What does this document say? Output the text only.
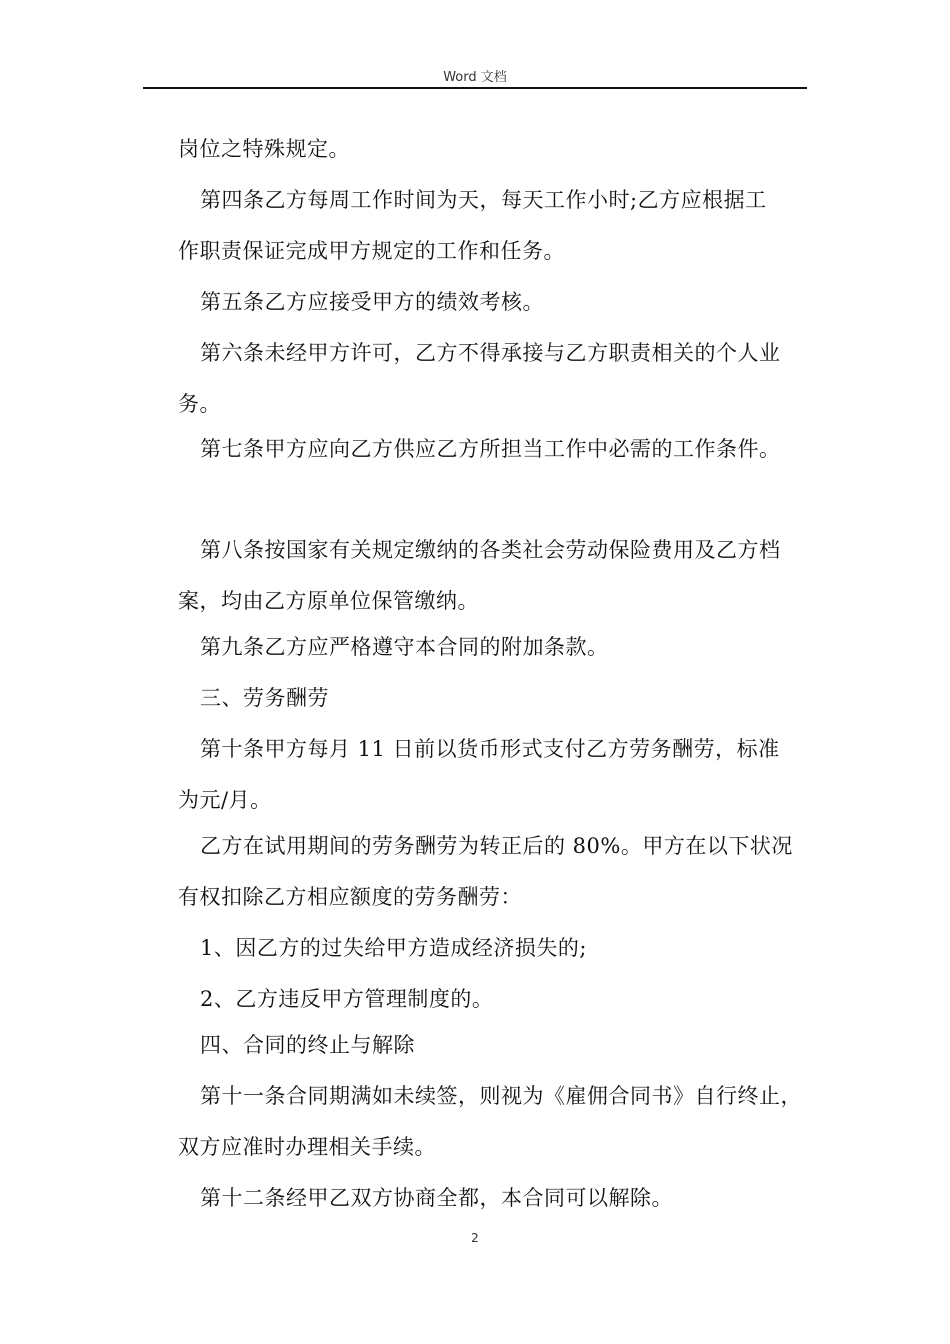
Word 文档
岗位之特殊规定。
第四条乙方每周工作时间为天，每天工作小时;乙方应根据工
作职责保证完成甲方规定的工作和任务。
第五条乙方应接受甲方的绩效考核。
第六条未经甲方许可，乙方不得承接与乙方职责相关的个人业
务。
第七条甲方应向乙方供应乙方所担当工作中必需的工作条件。
第八条按国家有关规定缴纳的各类社会劳动保险费用及乙方档
案，均由乙方原单位保管缴纳。
第九条乙方应严格遵守本合同的附加条款。
三、劳务酬劳
第十条甲方每月 11 日前以货币形式支付乙方劳务酬劳，标准
为元/月。
乙方在试用期间的劳务酬劳为转正后的 80%。甲方在以下状况
有权扣除乙方相应额度的劳务酬劳：
1、因乙方的过失给甲方造成经济损失的;
2、乙方违反甲方管理制度的。
四、合同的终止与解除
第十一条合同期满如未续签，则视为《雇佣合同书》自行终止，
双方应准时办理相关手续。
第十二条经甲乙双方协商全都，本合同可以解除。
2
